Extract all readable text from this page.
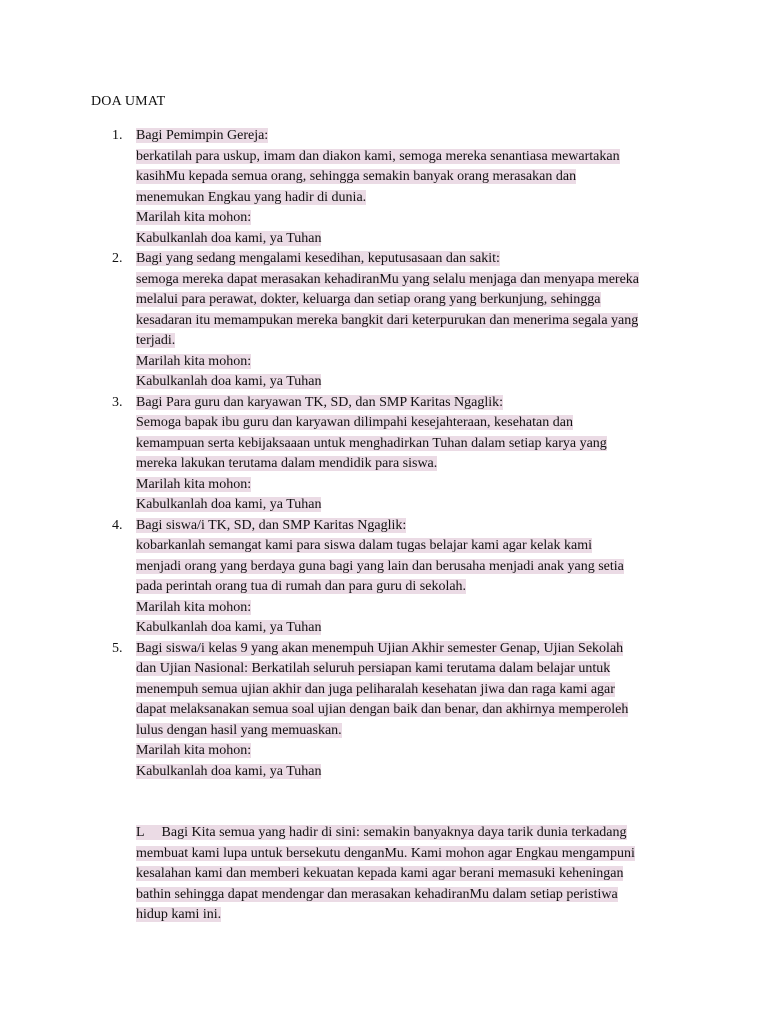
DOA UMAT
1. Bagi Pemimpin Gereja:
berkatilah para uskup, imam dan diakon kami, semoga mereka senantiasa mewartakan
kasihMu kepada semua orang, sehingga semakin banyak orang merasakan dan
menemukan Engkau yang hadir di dunia.
Marilah kita mohon:
Kabulkanlah doa kami, ya Tuhan
2. Bagi yang sedang mengalami kesedihan, keputusasaan dan sakit:
semoga mereka dapat merasakan kehadiranMu yang selalu menjaga dan menyapa mereka
melalui para perawat, dokter, keluarga dan setiap orang yang berkunjung, sehingga
kesadaran itu memampukan mereka bangkit dari keterpurukan dan menerima segala yang
terjadi.
Marilah kita mohon:
Kabulkanlah doa kami, ya Tuhan
3. Bagi Para guru dan karyawan TK, SD, dan SMP Karitas Ngaglik:
Semoga bapak ibu guru dan karyawan dilimpahi kesejahteraan, kesehatan dan
kemampuan serta kebijaksaaan untuk menghadirkan Tuhan dalam setiap karya yang
mereka lakukan terutama dalam mendidik para siswa.
Marilah kita mohon:
Kabulkanlah doa kami, ya Tuhan
4. Bagi siswa/i TK, SD, dan SMP Karitas Ngaglik:
kobarkanlah semangat kami para siswa dalam tugas belajar kami agar kelak kami
menjadi orang yang berdaya guna bagi yang lain dan berusaha menjadi anak yang setia
pada perintah orang tua di rumah dan para guru di sekolah.
Marilah kita mohon:
Kabulkanlah doa kami, ya Tuhan
5. Bagi siswa/i kelas 9 yang akan menempuh Ujian Akhir semester Genap, Ujian Sekolah
dan Ujian Nasional: Berkatilah seluruh persiapan kami terutama dalam belajar untuk
menempuh semua ujian akhir dan juga peliharalah kesehatan jiwa dan raga kami agar
dapat melaksanakan semua soal ujian dengan baik dan benar, dan akhirnya memperoleh
lulus dengan hasil yang memuaskan.
Marilah kita mohon:
Kabulkanlah doa kami, ya Tuhan
L     Bagi Kita semua yang hadir di sini: semakin banyaknya daya tarik dunia terkadang
membuat kami lupa untuk bersekutu denganMu. Kami mohon agar Engkau mengampuni
kesalahan kami dan memberi kekuatan kepada kami agar berani memasuki keheningan
bathin sehingga dapat mendengar dan merasakan kehadiranMu dalam setiap peristiwa
hidup kami ini.
